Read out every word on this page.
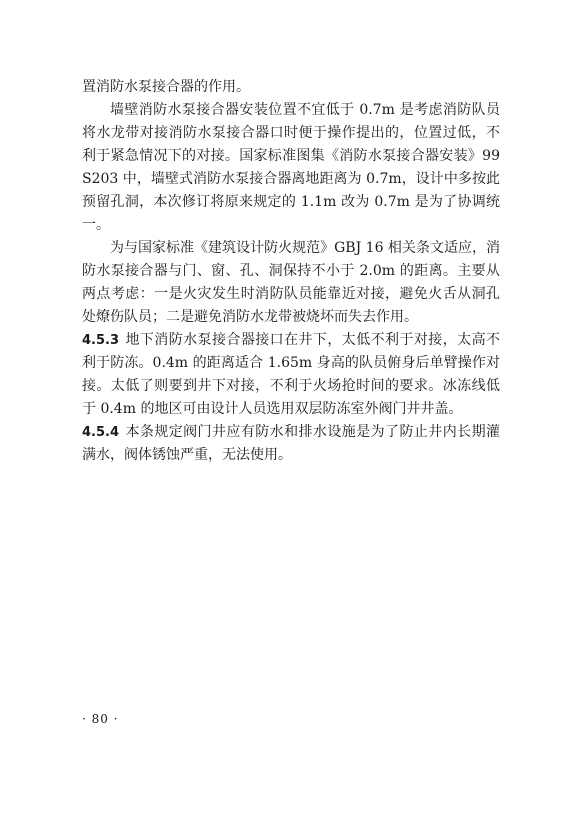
置消防水泵接合器的作用。

墙壁消防水泵接合器安装位置不宜低于 0.7m 是考虑消防队员将水龙带对接消防水泵接合器口时便于操作提出的，位置过低，不利于紧急情况下的对接。国家标准图集《消防水泵接合器安装》99S203 中，墙壁式消防水泵接合器离地距离为 0.7m，设计中多按此预留孔洞，本次修订将原来规定的 1.1m 改为 0.7m 是为了协调统一。

为与国家标准《建筑设计防火规范》GBJ 16 相关条文适应，消防水泵接合器与门、窗、孔、洞保持不小于 2.0m 的距离。主要从两点考虑：一是火灾发生时消防队员能靠近对接，避免火舌从洞孔处燎伤队员；二是避免消防水龙带被烧坏而失去作用。

4.5.3 地下消防水泵接合器接口在井下，太低不利于对接，太高不利于防冻。0.4m 的距离适合 1.65m 身高的队员俯身后单臂操作对接。太低了则要到井下对接，不利于火场抢时间的要求。冰冻线低于 0.4m 的地区可由设计人员选用双层防冻室外阀门井井盖。

4.5.4 本条规定阀门井应有防水和排水设施是为了防止井内长期灌满水，阀体锈蚀严重，无法使用。

· 80 ·
